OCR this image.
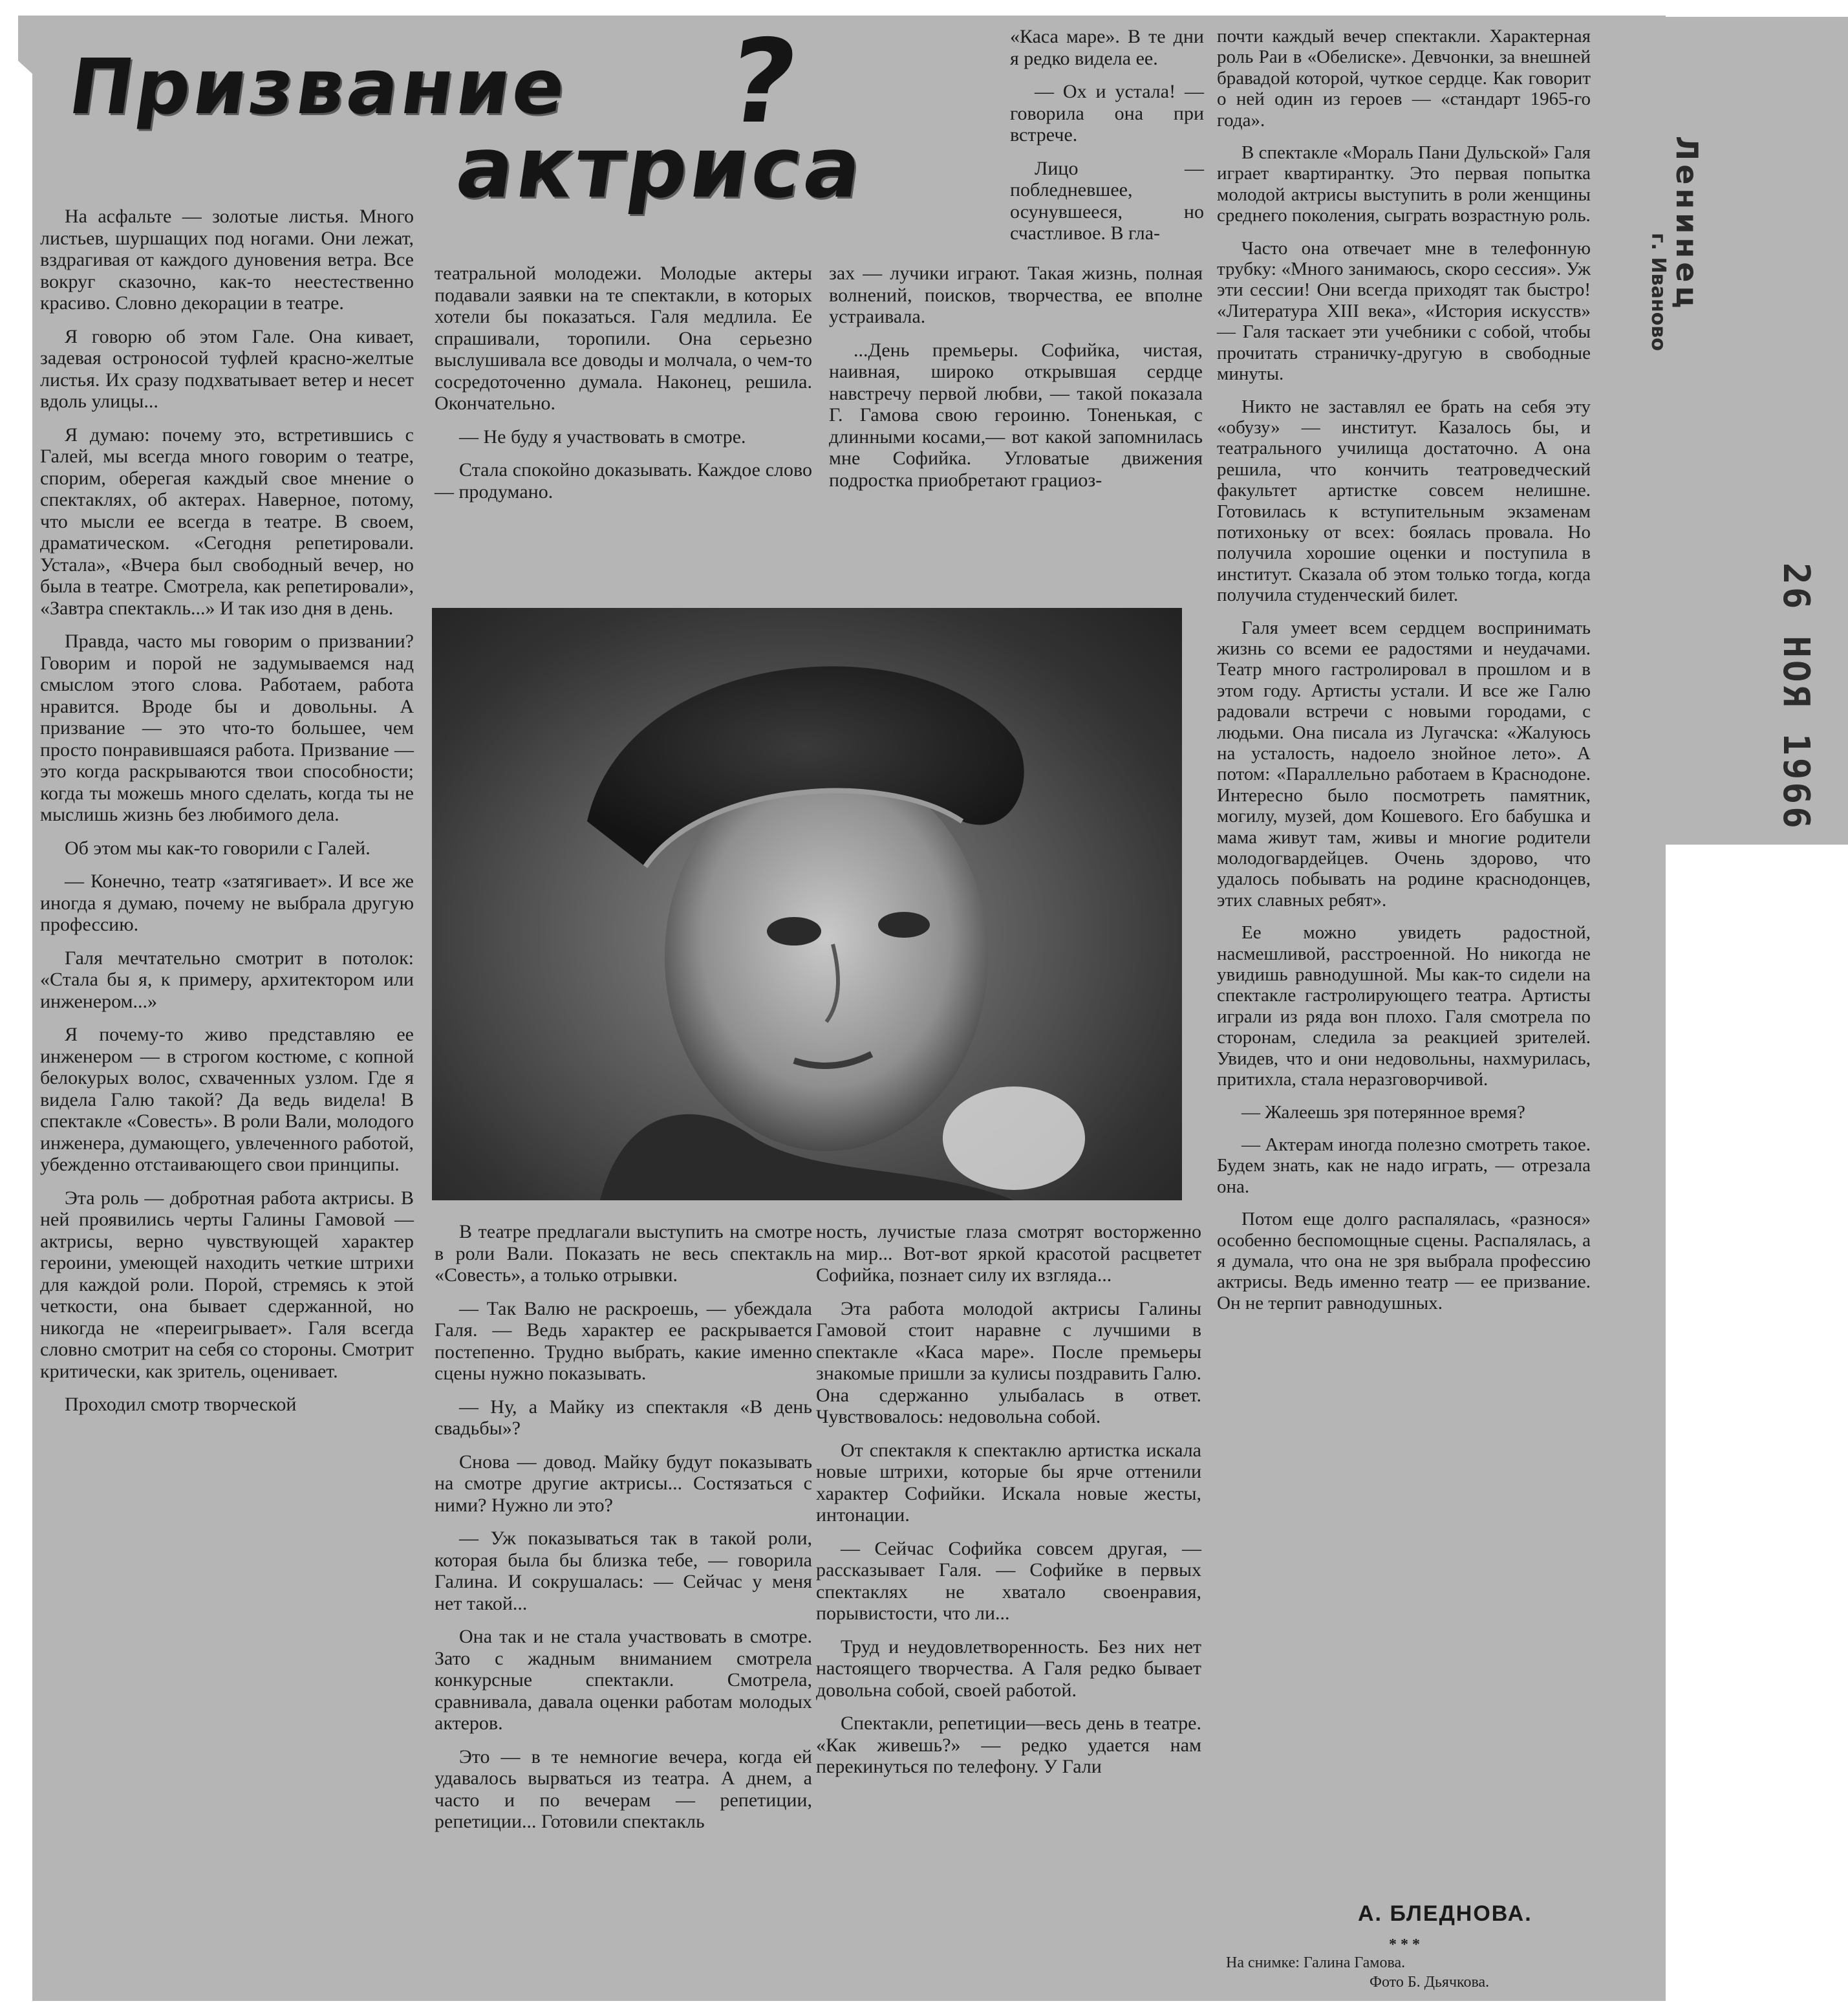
Призвание ?
актриса

На асфальте — золотые листья. Много листьев, шуршащих под ногами. Они лежат, вздрагивая от каждого дуновения ветра. Все вокруг сказочно, как-то неестественно красиво. Словно декорации в театре.

Я говорю об этом Гале. Она кивает, задевая остроносой туфлей красно-желтые листья. Их сразу подхватывает ветер и несет вдоль улицы...

Я думаю: почему это, встретившись с Галей, мы всегда много говорим о театре, спорим, оберегая каждый свое мнение о спектаклях, об актерах. Наверное, потому, что мысли ее всегда в театре. В своем, драматическом. «Сегодня репетировали. Устала», «Вчера был свободный вечер, но была в театре. Смотрела, как репетировали», «Завтра спектакль...» И так изо дня в день.

Правда, часто мы говорим о призвании? Говорим и порой не задумываемся над смыслом этого слова. Работаем, работа нравится. Вроде бы и довольны. А призвание — это что-то большее, чем просто понравившаяся работа. Призвание — это когда раскрываются твои способности; когда ты можешь много сделать, когда ты не мыслишь жизнь без любимого дела.

Об этом мы как-то говорили с Галей.

— Конечно, театр «затягивает». И все же иногда я думаю, почему не выбрала другую профессию.

Галя мечтательно смотрит в потолок: «Стала бы я, к примеру, архитектором или инженером...»

Я почему-то живо представляю ее инженером — в строгом костюме, с копной белокурых волос, схваченных узлом. Где я видела Галю такой? Да ведь видела! В спектакле «Совесть». В роли Вали, молодого инженера, думающего, увлеченного работой, убежденно отстаивающего свои принципы.

Эта роль — добротная работа актрисы. В ней проявились черты Галины Гамовой — актрисы, верно чувствующей характер героини, умеющей находить четкие штрихи для каждой роли. Порой, стремясь к этой четкости, она бывает сдержанной, но никогда не «переигрывает». Галя всегда словно смотрит на себя со стороны. Смотрит критически, как зритель, оценивает.

Проходил смотр творческой

театральной молодежи. Молодые актеры подавали заявки на те спектакли, в которых хотели бы показаться. Галя медлила. Ее спрашивали, торопили. Она серьезно выслушивала все доводы и молчала, о чем-то сосредоточенно думала. Наконец, решила. Окончательно.

— Не буду я участвовать в смотре.

Стала спокойно доказывать. Каждое слово — продумано.

зах — лучики играют. Такая жизнь, полная волнений, поисков, творчества, ее вполне устраивала.

...День премьеры. Софийка, чистая, наивная, широко открывшая сердце навстречу первой любви, — такой показала Г. Гамова свою героиню. Тоненькая, с длинными косами,— вот какой запомнилась мне Софийка. Угловатые движения подростка приобретают грациоз-

«Каса маре». В те дни я редко видела ее.

— Ох и устала! — говорила она при встрече.

Лицо — побледневшее, осунувшееся, но счастливое. В гла-

В театре предлагали выступить на смотре в роли Вали. Показать не весь спектакль «Совесть», а только отрывки.

— Так Валю не раскроешь, — убеждала Галя. — Ведь характер ее раскрывается постепенно. Трудно выбрать, какие именно сцены нужно показывать.

— Ну, а Майку из спектакля «В день свадьбы»?

Снова — довод. Майку будут показывать на смотре другие актрисы... Состязаться с ними? Нужно ли это?

— Уж показываться так в такой роли, которая была бы близка тебе, — говорила Галина. И сокрушалась: — Сейчас у меня нет такой...

Она так и не стала участвовать в смотре. Зато с жадным вниманием смотрела конкурсные спектакли. Смотрела, сравнивала, давала оценки работам молодых актеров.

Это — в те немногие вечера, когда ей удавалось вырваться из театра. А днем, а часто и по вечерам — репетиции, репетиции... Готовили спектакль

ность, лучистые глаза смотрят восторженно на мир... Вот-вот яркой красотой расцветет Софийка, познает силу их взгляда...

Эта работа молодой актрисы Галины Гамовой стоит наравне с лучшими в спектакле «Каса маре». После премьеры знакомые пришли за кулисы поздравить Галю. Она сдержанно улыбалась в ответ. Чувствовалось: недовольна собой.

От спектакля к спектаклю артистка искала новые штрихи, которые бы ярче оттенили характер Софийки. Искала новые жесты, интонации.

— Сейчас Софийка совсем другая, — рассказывает Галя. — Софийке в первых спектаклях не хватало своенравия, порывистости, что ли...

Труд и неудовлетворенность. Без них нет настоящего творчества. А Галя редко бывает довольна собой, своей работой.

Спектакли, репетиции—весь день в театре. «Как живешь?» — редко удается нам перекинуться по телефону. У Гали

почти каждый вечер спектакли. Характерная роль Раи в «Обелиске». Девчонки, за внешней бравадой которой, чуткое сердце. Как говорит о ней один из героев — «стандарт 1965-го года».

В спектакле «Мораль Пани Дульской» Галя играет квартирантку. Это первая попытка молодой актрисы выступить в роли женщины среднего поколения, сыграть возрастную роль.

Часто она отвечает мне в телефонную трубку: «Много занимаюсь, скоро сессия». Уж эти сессии! Они всегда приходят так быстро! «Литература XIII века», «История искусств» — Галя таскает эти учебники с собой, чтобы прочитать страничку-другую в свободные минуты.

Никто не заставлял ее брать на себя эту «обузу» — институт. Казалось бы, и театрального училища достаточно. А она решила, что кончить театроведческий факультет артистке совсем нелишне. Готовилась к вступительным экзаменам потихоньку от всех: боялась провала. Но получила хорошие оценки и поступила в институт. Сказала об этом только тогда, когда получила студенческий билет.

Галя умеет всем сердцем воспринимать жизнь со всеми ее радостями и неудачами. Театр много гастролировал в прошлом и в этом году. Артисты устали. И все же Галю радовали встречи с новыми городами, с людьми. Она писала из Лугачска: «Жалуюсь на усталость, надоело знойное лето». А потом: «Параллельно работаем в Краснодоне. Интересно было посмотреть памятник, могилу, музей, дом Кошевого. Его бабушка и мама живут там, живы и многие родители молодогвардейцев. Очень здорово, что удалось побывать на родине краснодонцев, этих славных ребят».

Ее можно увидеть радостной, насмешливой, расстроенной. Но никогда не увидишь равнодушной. Мы как-то сидели на спектакле гастролирующего театра. Артисты играли из ряда вон плохо. Галя смотрела по сторонам, следила за реакцией зрителей. Увидев, что и они недовольны, нахмурилась, притихла, стала неразговорчивой.

— Жалеешь зря потерянное время?

— Актерам иногда полезно смотреть такое. Будем знать, как не надо играть, — отрезала она.

Потом еще долго распалялась, «разнося» особенно беспомощные сцены. Распалялась, а я думала, что она не зря выбрала профессию актрисы. Ведь именно театр — ее призвание. Он не терпит равнодушных.

А. БЛЕДНОВА.
* * *
На снимке: Галина Гамова.
Фото Б. Дьячкова.
Ленинец
г. Иваново
26 НОЯ 1966
